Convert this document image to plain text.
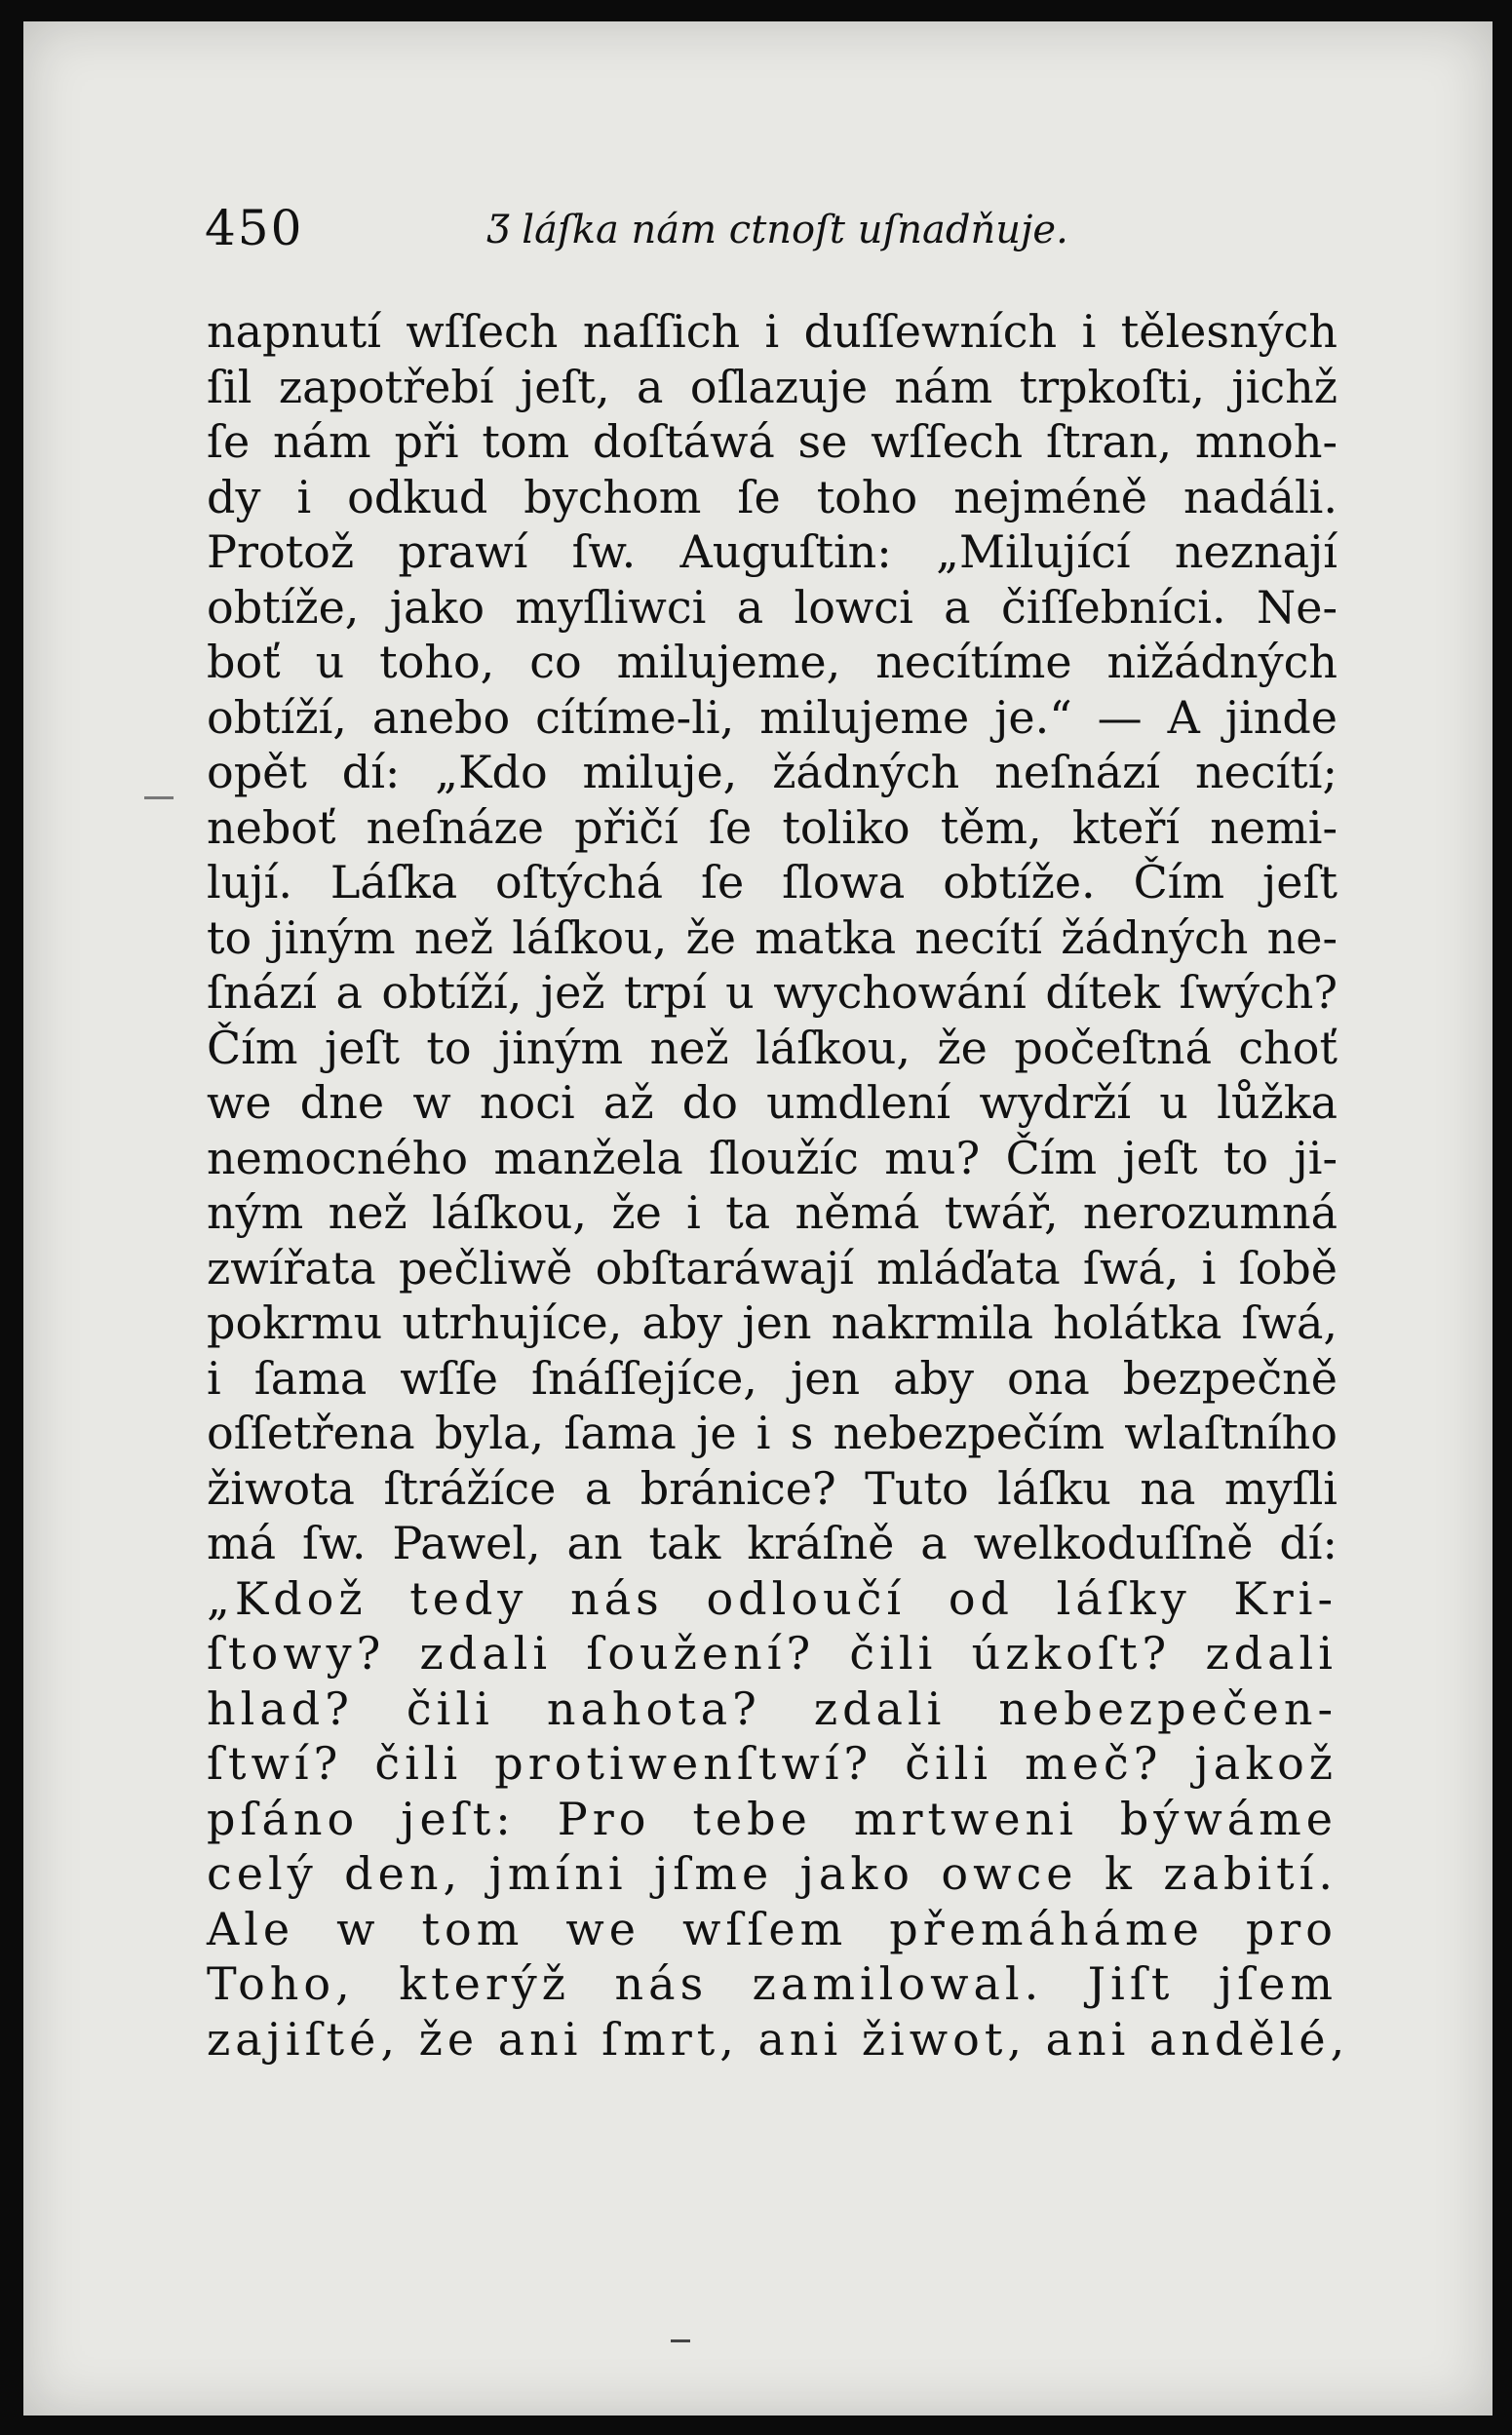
450	Ʒ láſka nám ctnoſt uſnadňuje.
napnutí wſſech naſſich i duſſewních i tělesných
ſil zapotřebí jeſt, a oſlazuje nám trpkoſti, jichž
ſe nám při tom doſtáwá se wſſech ſtran, mnoh-
dy i odkud bychom ſe toho nejméně nadáli.
Protož prawí ſw. Auguſtin: „Milující neznají
obtíže, jako myſliwci a lowci a čiſſebníci. Ne-
boť u toho, co milujeme, necítíme nižádných
obtíží, anebo cítíme-li, milujeme je.“ — A jinde
opět dí: „Kdo miluje, žádných neſnází necítí;
neboť neſnáze přičí ſe toliko těm, kteří nemi-
lují. Láſka oſtýchá ſe ſlowa obtíže. Čím jeſt
to jiným než láſkou, že matka necítí žádných ne-
ſnází a obtíží, jež trpí u wychowání dítek ſwých?
Čím jeſt to jiným než láſkou, že počeſtná choť
we dne w noci až do umdlení wydrží u lůžka
nemocného manžela ſloužíc mu? Čím jeſt to ji-
ným než láſkou, že i ta němá twář, nerozumná
zwířata pečliwě obſtaráwají mláďata ſwá, i ſobě
pokrmu utrhujíce, aby jen nakrmila holátka ſwá,
i ſama wſſe ſnáſſejíce, jen aby ona bezpečně
oſſetřena byla, ſama je i s nebezpečím wlaſtního
žiwota ſtrážíce a bránice? Tuto láſku na myſli
má ſw. Pawel, an tak kráſně a welkoduſſně dí:
„Kdož tedy nás odloučí od láſky Kri-
ſtowy? zdali ſoužení? čili úzkoſt? zdali
hlad? čili nahota? zdali nebezpečen-
ſtwí? čili protiwenſtwí? čili meč? jakož
pſáno jeſt: Pro tebe mrtweni býwáme
celý den, jmíni jſme jako owce k zabití.
Ale w tom we wſſem přemáháme pro
Toho, kterýž nás zamilowal. Jiſt jſem
zajiſté, že ani ſmrt, ani žiwot, ani andělé,
